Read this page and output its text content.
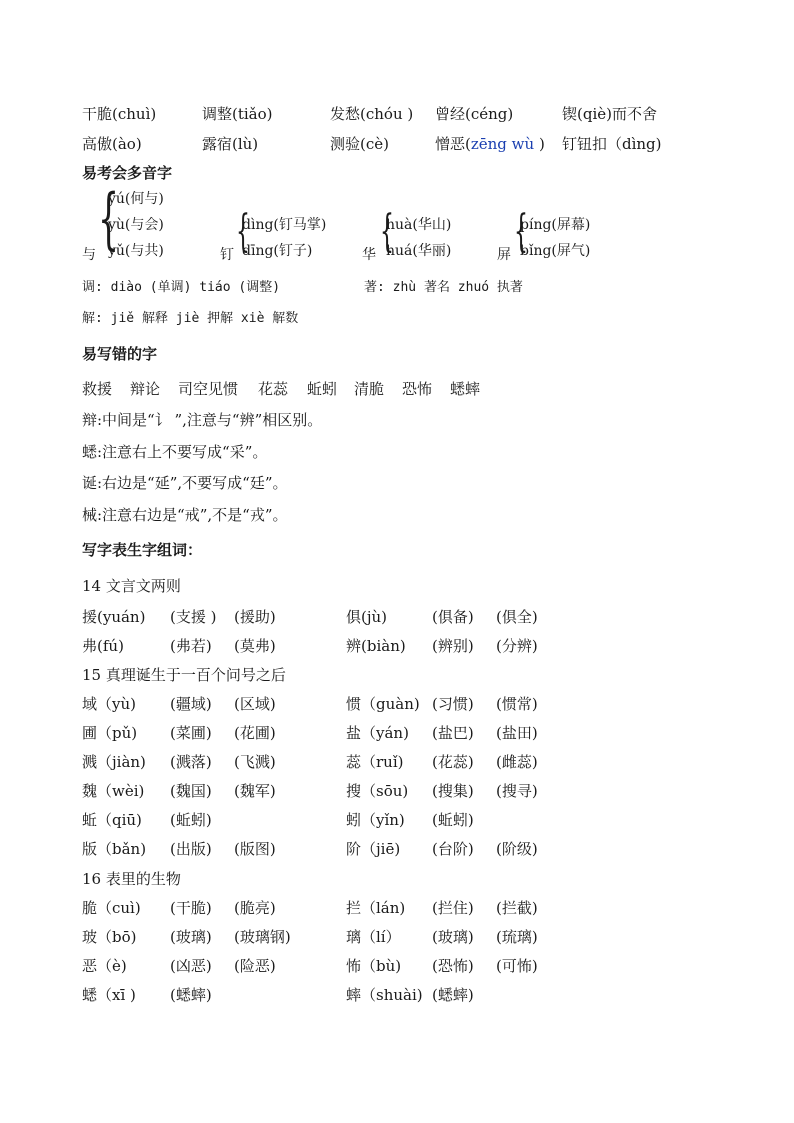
干脆(chuì)	调整(tiǎo)	发愁(chóu ) 曾经(céng)	锲(qiè)而不舍
高傲(ào)	露宿(lù)	测验(cè)	憎恶(zēng wù ) 钉钮扣（dìng)
易考会多音字
{
yú(何与)
yù(与会)
yǔ(与共)
与	{
dìng(钉马掌)
dīng(钉子)
钉	{
huà(华山)
huá(华丽)
华	{
píng(屏幕)
bǐng(屏气)
屏
调: diào (单调) tiáo (调整)	著: zhù 著名 zhuó 执著
解: jiě 解释 jiè 押解 xiè 解数
易写错的字
救援 辩论 司空见惯 花蕊 蚯蚓 清脆 恐怖 蟋蟀
辩:中间是“讠 ”,注意与“辨”相区别。
蟋:注意右上不要写成“采”。
诞:右边是“延”,不要写成“廷”。
械:注意右边是“戒”,不是“戎”。
写字表生字组词：
14 文言文两则
援(yuán) (支援 ) (援助)	俱(jù)	(俱备) (俱全)
弗(fú)	(弗若) (莫弗)	辨(biàn) (辨别) (分辨)
15 真理诞生于一百个问号之后
域（yù) (疆域) (区域)	惯（guàn) (习惯) (惯常)
圃（pǔ) (菜圃) (花圃)	盐（yán) (盐巴) (盐田)
溅（jiàn) (溅落) (飞溅)	蕊（ruǐ) (花蕊) (雌蕊)
魏（wèi) (魏国) (魏军)	搜（sōu) (搜集) (搜寻)
蚯（qiū) (蚯蚓)	蚓（yǐn) (蚯蚓)
版（bǎn) (出版) (版图)	阶（jiē) (台阶) (阶级)
16 表里的生物
脆（cuì) (干脆) (脆亮)	拦（lán) (拦住) (拦截)
玻（bō) (玻璃) (玻璃钢)	璃（lí） (玻璃) (琉璃)
恶（è)	(凶恶) (险恶)	怖（bù) (恐怖) (可怖)
蟋（xī ) (蟋蟀)	蟀（shuài) (蟋蟀)
